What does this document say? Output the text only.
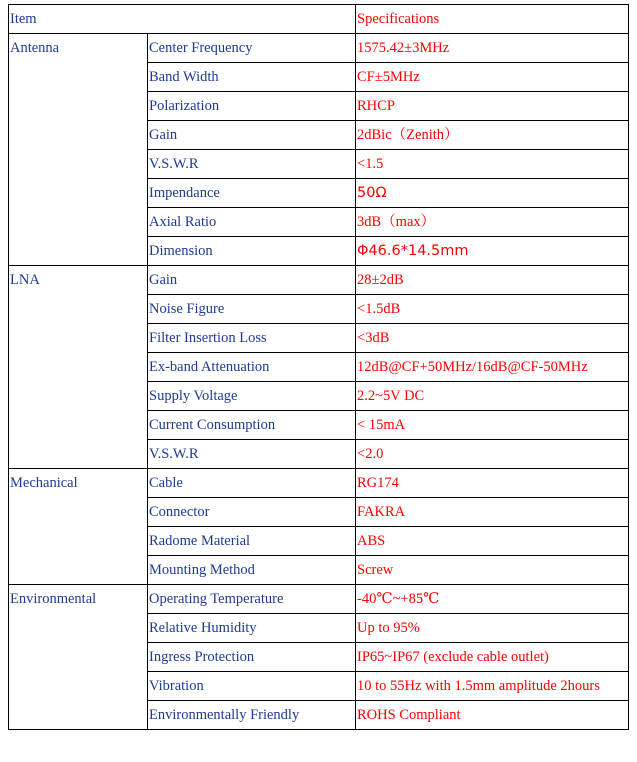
Item		Specifications
Antenna	Center Frequency	1575.42±3MHz
	Band Width	CF±5MHz
	Polarization	RHCP
	Gain	2dBic（Zenith）
	V.S.W.R	<1.5
	Impendance	50Ω
	Axial Ratio	3dB（max）
	Dimension	Φ46.6*14.5mm
LNA	Gain	28±2dB
	Noise Figure	<1.5dB
	Filter Insertion Loss	<3dB
	Ex-band Attenuation	12dB@CF+50MHz/16dB@CF-50MHz
	Supply Voltage	2.2~5V DC
	Current Consumption	< 15mA
	V.S.W.R	<2.0
Mechanical	Cable	RG174
	Connector	FAKRA
	Radome Material	ABS
	Mounting Method	Screw
Environmental	Operating Temperature	-40℃~+85℃
	Relative Humidity	Up to 95%
	Ingress Protection	IP65~IP67 (exclude cable outlet)
	Vibration	10 to 55Hz with 1.5mm amplitude 2hours
	Environmentally Friendly	ROHS Compliant
